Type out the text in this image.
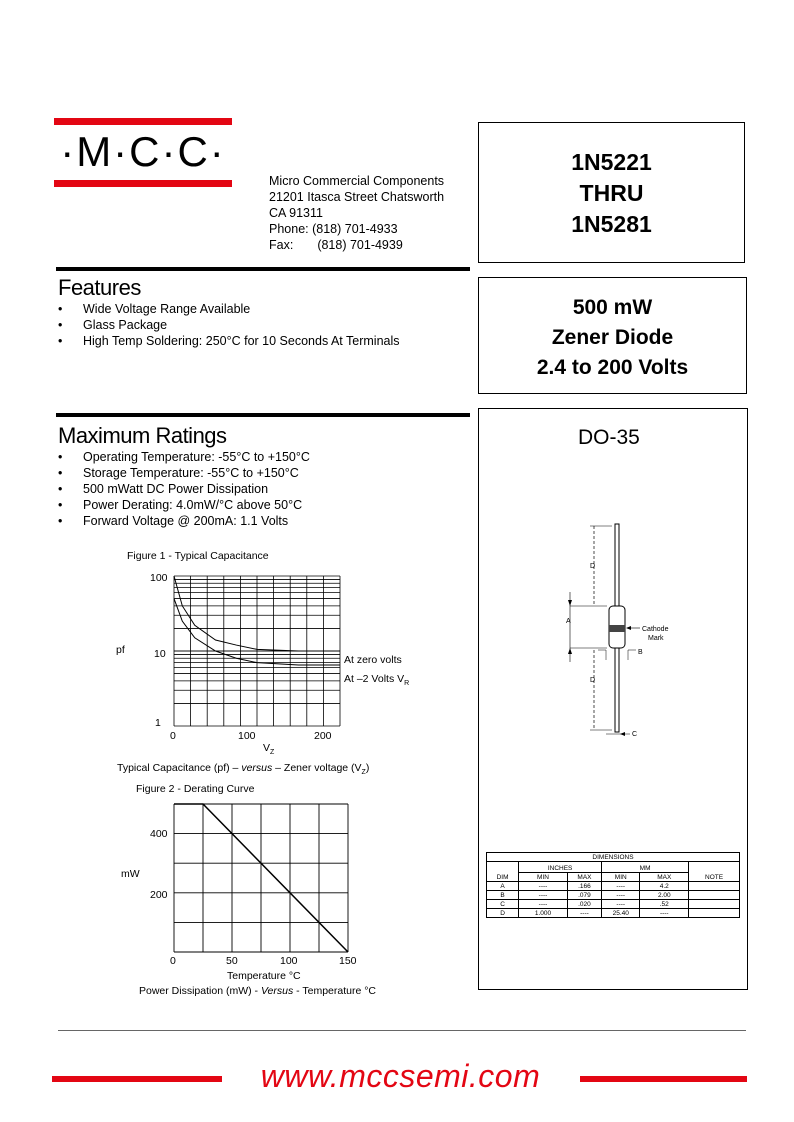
·M·C·C·
Micro Commercial Components
21201 Itasca Street Chatsworth
CA 91311
Phone: (818) 701-4933
Fax: (818) 701-4939
1N5221
THRU
1N5281
500 mW
Zener Diode
2.4 to 200 Volts
Features
• Wide Voltage Range Available
• Glass Package
• High Temp Soldering: 250°C for 10 Seconds At Terminals
Maximum Ratings
• Operating Temperature: -55°C to +150°C
• Storage Temperature: -55°C to +150°C
• 500 mWatt DC Power Dissipation
• Power Derating: 4.0mW/°C above 50°C
• Forward Voltage @ 200mA: 1.1 Volts
Figure 1 - Typical Capacitance
pf
100
10
1
0	100	200
$V_Z$
At zero volts
At –2 Volts $V_R$
Typical Capacitance (pf) – versus – Zener voltage $(V_Z)$
Figure 2 - Derating Curve
mW
400
200
0	50	100	150
Temperature °C
Power Dissipation (mW) - Versus - Temperature °C
DO-35
D
A
Cathode
Mark
B
D
C
DIMENSIONS					
DIM	INCHES		MM		NOTE
	MIN	MAX	MIN	MAX	
A	----	.166	----	4.2	
B	----	.079	----	2.00	
C	----	.020	----	.52	
D	1.000	----	25.40	----	
www.mccsemi.com
